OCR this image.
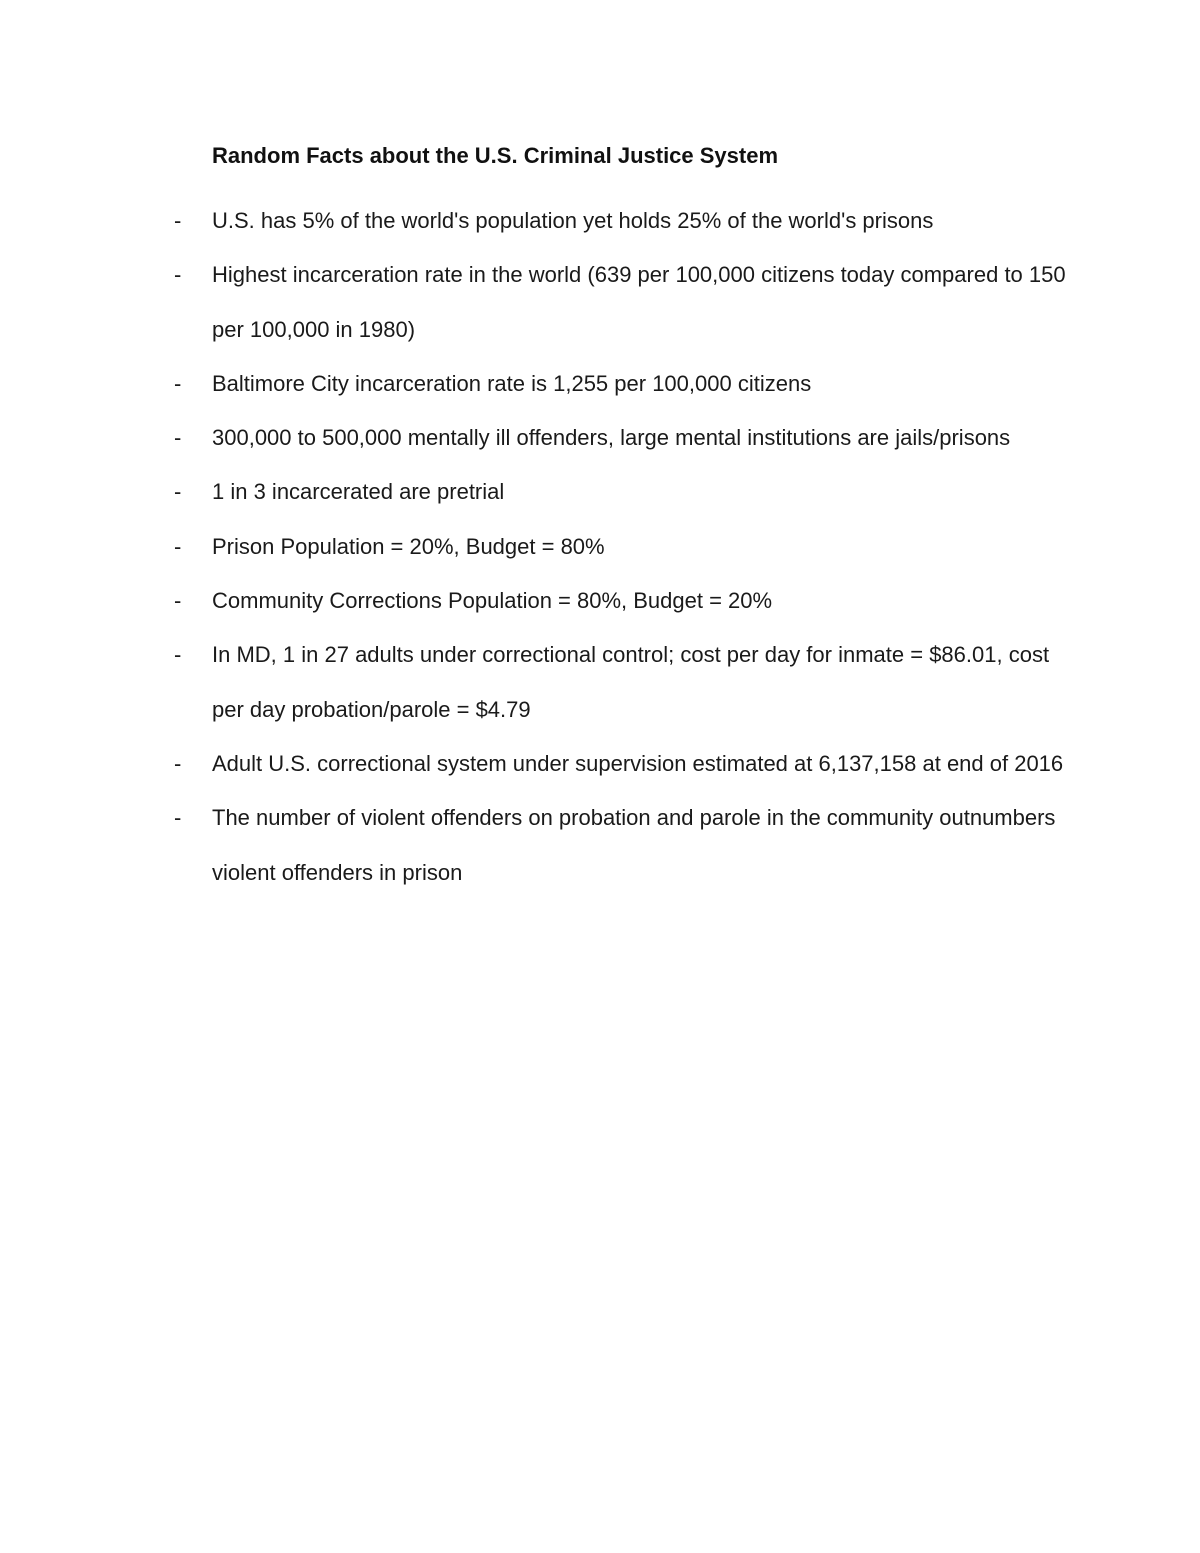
Random Facts about the U.S. Criminal Justice System
- U.S. has 5% of the world's population yet holds 25% of the world's prisons
- Highest incarceration rate in the world (639 per 100,000 citizens today compared to 150 per 100,000 in 1980)
- Baltimore City incarceration rate is 1,255 per 100,000 citizens
- 300,000 to 500,000 mentally ill offenders, large mental institutions are jails/prisons
- 1 in 3 incarcerated are pretrial
- Prison Population = 20%, Budget = 80%
- Community Corrections Population = 80%, Budget = 20%
- In MD, 1 in 27 adults under correctional control; cost per day for inmate = $86.01, cost per day probation/parole = $4.79
- Adult U.S. correctional system under supervision estimated at 6,137,158 at end of 2016
- The number of violent offenders on probation and parole in the community outnumbers violent offenders in prison
